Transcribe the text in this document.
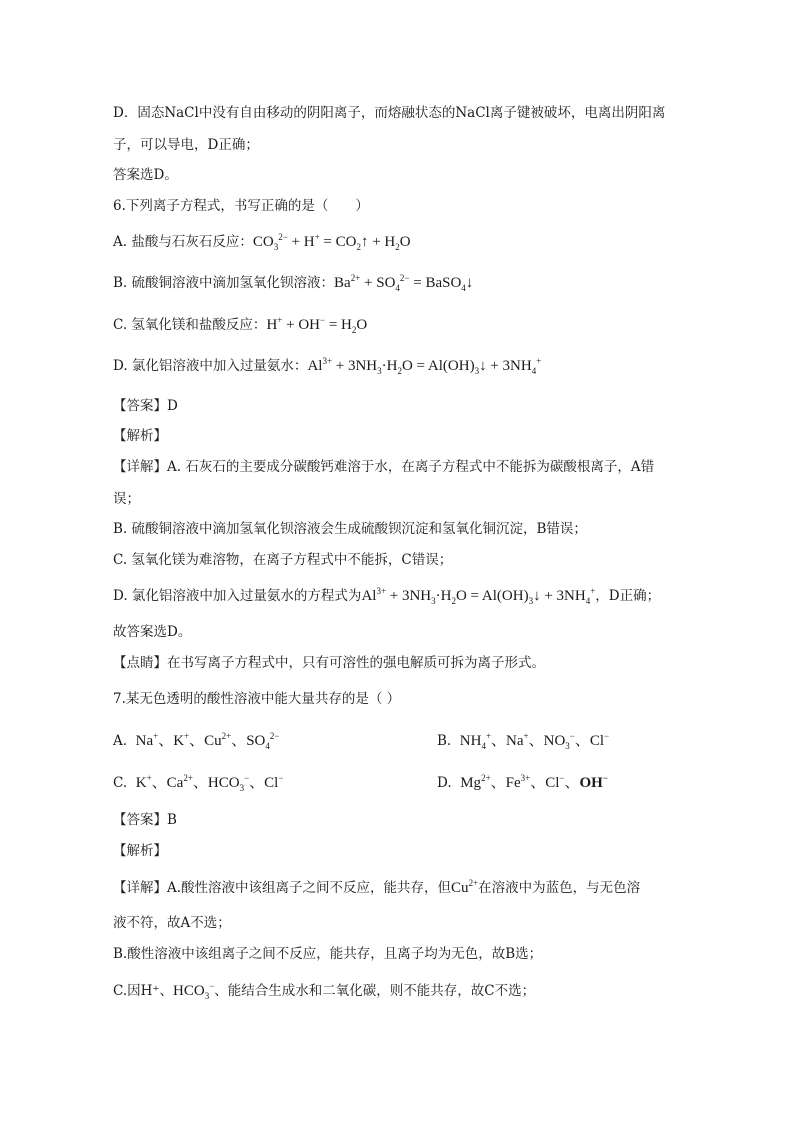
D．固态NaCl中没有自由移动的阴阳离子，而熔融状态的NaCl离子键被破坏，电离出阴阳离
子，可以导电，D正确；
答案选D。
6.下列离子方程式，书写正确的是（　　）
A. 盐酸与石灰石反应：$CO_3^{2-} + H^+$ = $CO_2↑ + H_2O$
B. 硫酸铜溶液中滴加氢氧化钡溶液：$Ba^{2+} + SO_4^{2-}$ = BaSO$_4$↓
C. 氢氧化镁和盐酸反应：$H^+ + OH^- = H_2O$
D. 氯化铝溶液中加入过量氨水：$Al^{3+} + 3NH_3\cdot H_2O$ = $Al(OH)_3↓ + 3NH_4^+$
【答案】D
【解析】
【详解】A. 石灰石的主要成分碳酸钙难溶于水，在离子方程式中不能拆为碳酸根离子，A错
误；
B. 硫酸铜溶液中滴加氢氧化钡溶液会生成硫酸钡沉淀和氢氧化铜沉淀，B错误；
C. 氢氧化镁为难溶物，在离子方程式中不能拆，C错误；
D. 氯化铝溶液中加入过量氨水的方程式为$Al^{3+} + 3NH_3\cdot H_2O$ = $Al(OH)_3↓ + 3NH_4^+$，D正确；
故答案选D。
【点睛】在书写离子方程式中，只有可溶性的强电解质可拆为离子形式。
7.某无色透明的酸性溶液中能大量共存的是（ ）
A.  Na+、K+、$Cu^{2+}$、$SO_4^{2-}$	B.  $NH_4^+$、Na+、$NO_3^-$、Cl−
C.  K+、$Ca^{2+}$、$HCO_3^-$、Cl−	D.  $Mg^{2+}$、$Fe^{3+}$、Cl−、OH−
【答案】B
【解析】
【详解】A.酸性溶液中该组离子之间不反应，能共存，但$Cu^{2+}$在溶液中为蓝色，与无色溶
液不符，故A不选；
B.酸性溶液中该组离子之间不反应，能共存，且离子均为无色，故B选；
C.因H⁺、$HCO_3^-$、能结合生成水和二氧化碳，则不能共存，故C不选；
